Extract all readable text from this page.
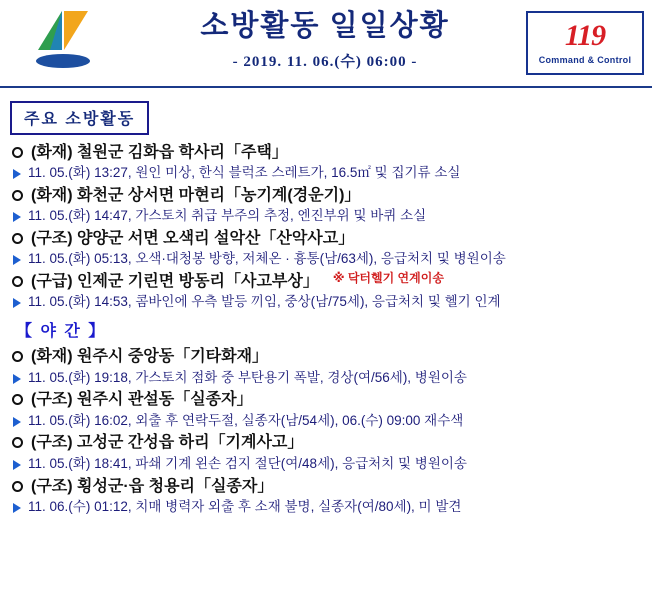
소방활동 일일상황
- 2019. 11. 06.(수) 06:00 -
119
Command & Control
주요 소방활동
(화재) 철원군 김화읍 학사리「주택」
11. 05.(화) 13:27, 원인 미상, 한식 블럭조 스레트가, 16.5㎡ 및 집기류 소실
(화재) 화천군 상서면 마현리「농기계(경운기)」
11. 05.(화) 14:47, 가스토치 취급 부주의 추정, 엔진부위 및 바퀴 소실
(구조) 양양군 서면 오색리 설악산「산악사고」
11. 05.(화) 05:13, 오색·대청봉 방향, 저체온 · 흉통(남/63세), 응급처치 및 병원이송
(구급) 인제군 기린면 방동리「사고부상」 ※ 닥터헬기 연계이송
11. 05.(화) 14:53, 콤바인에 우측 발등 끼임, 중상(남/75세), 응급처치 및 헬기 인계
【 야 간 】
(화재) 원주시 중앙동「기타화재」
11. 05.(화) 19:18, 가스토치 점화 중 부탄용기 폭발, 경상(여/56세), 병원이송
(구조) 원주시 관설동「실종자」
11. 05.(화) 16:02, 외출 후 연락두절, 실종자(남/54세), 06.(수) 09:00 재수색
(구조) 고성군 간성읍 하리「기계사고」
11. 05.(화) 18:41, 파쇄 기계 왼손 검지 절단(여/48세), 응급처치 및 병원이송
(구조) 횡성군·읍 청용리「실종자」
11. 06.(수) 01:12, 치매 병력자 외출 후 소재 불명, 실종자(여/80세), 미 발견
